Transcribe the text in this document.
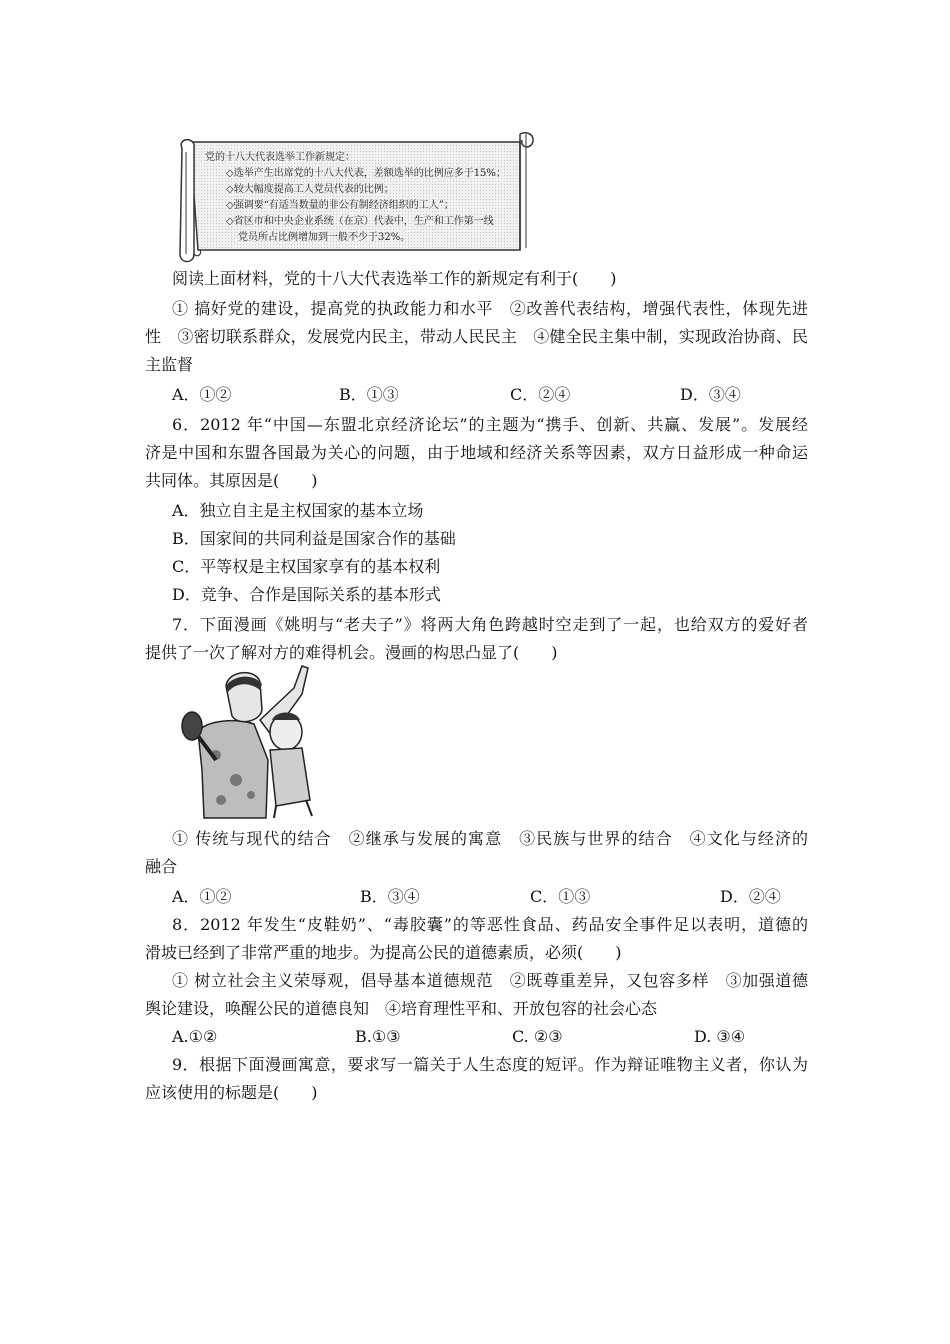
党的十八大代表选举工作新规定：
◇选举产生出席党的十八大代表，差额选举的比例应多于15%；
◇较大幅度提高工人党员代表的比例；
◇强调要“有适当数量的非公有制经济组织的工人”；
◇省区市和中央企业系统（在京）代表中，生产和工作第一线
党员所占比例增加到一般不少于32%。
阅读上面材料，党的十八大代表选举工作的新规定有利于(　　)
① 搞好党的建设，提高党的执政能力和水平　②改善代表结构，增强代表性，体现先进
性　③密切联系群众，发展党内民主，带动人民民主　④健全民主集中制，实现政治协商、民
主监督
A．①②	B．①③	C．②④	D．③④
6．2012 年“中国—东盟北京经济论坛”的主题为“携手、创新、共赢、发展”。发展经
济是中国和东盟各国最为关心的问题，由于地域和经济关系等因素，双方日益形成一种命运
共同体。其原因是(　　)
A．独立自主是主权国家的基本立场
B．国家间的共同利益是国家合作的基础
C．平等权是主权国家享有的基本权利
D．竞争、合作是国际关系的基本形式
7．下面漫画《姚明与“老夫子”》将两大角色跨越时空走到了一起，也给双方的爱好者
提供了一次了解对方的难得机会。漫画的构思凸显了(　　)
① 传统与现代的结合　②继承与发展的寓意　③民族与世界的结合　④文化与经济的
融合
A．①②	B．③④	C．①③	D．②④
8．2012 年发生“皮鞋奶”、“毒胶囊”的等恶性食品、药品安全事件足以表明，道德的
滑坡已经到了非常严重的地步。为提高公民的道德素质，必须(　　)
① 树立社会主义荣辱观，倡导基本道德规范　②既尊重差异，又包容多样　③加强道德
舆论建设，唤醒公民的道德良知　④培育理性平和、开放包容的社会心态
A.①②	B.①③	C. ②③	D. ③④
9．根据下面漫画寓意，要求写一篇关于人生态度的短评。作为辩证唯物主义者，你认为
应该使用的标题是(　　)
